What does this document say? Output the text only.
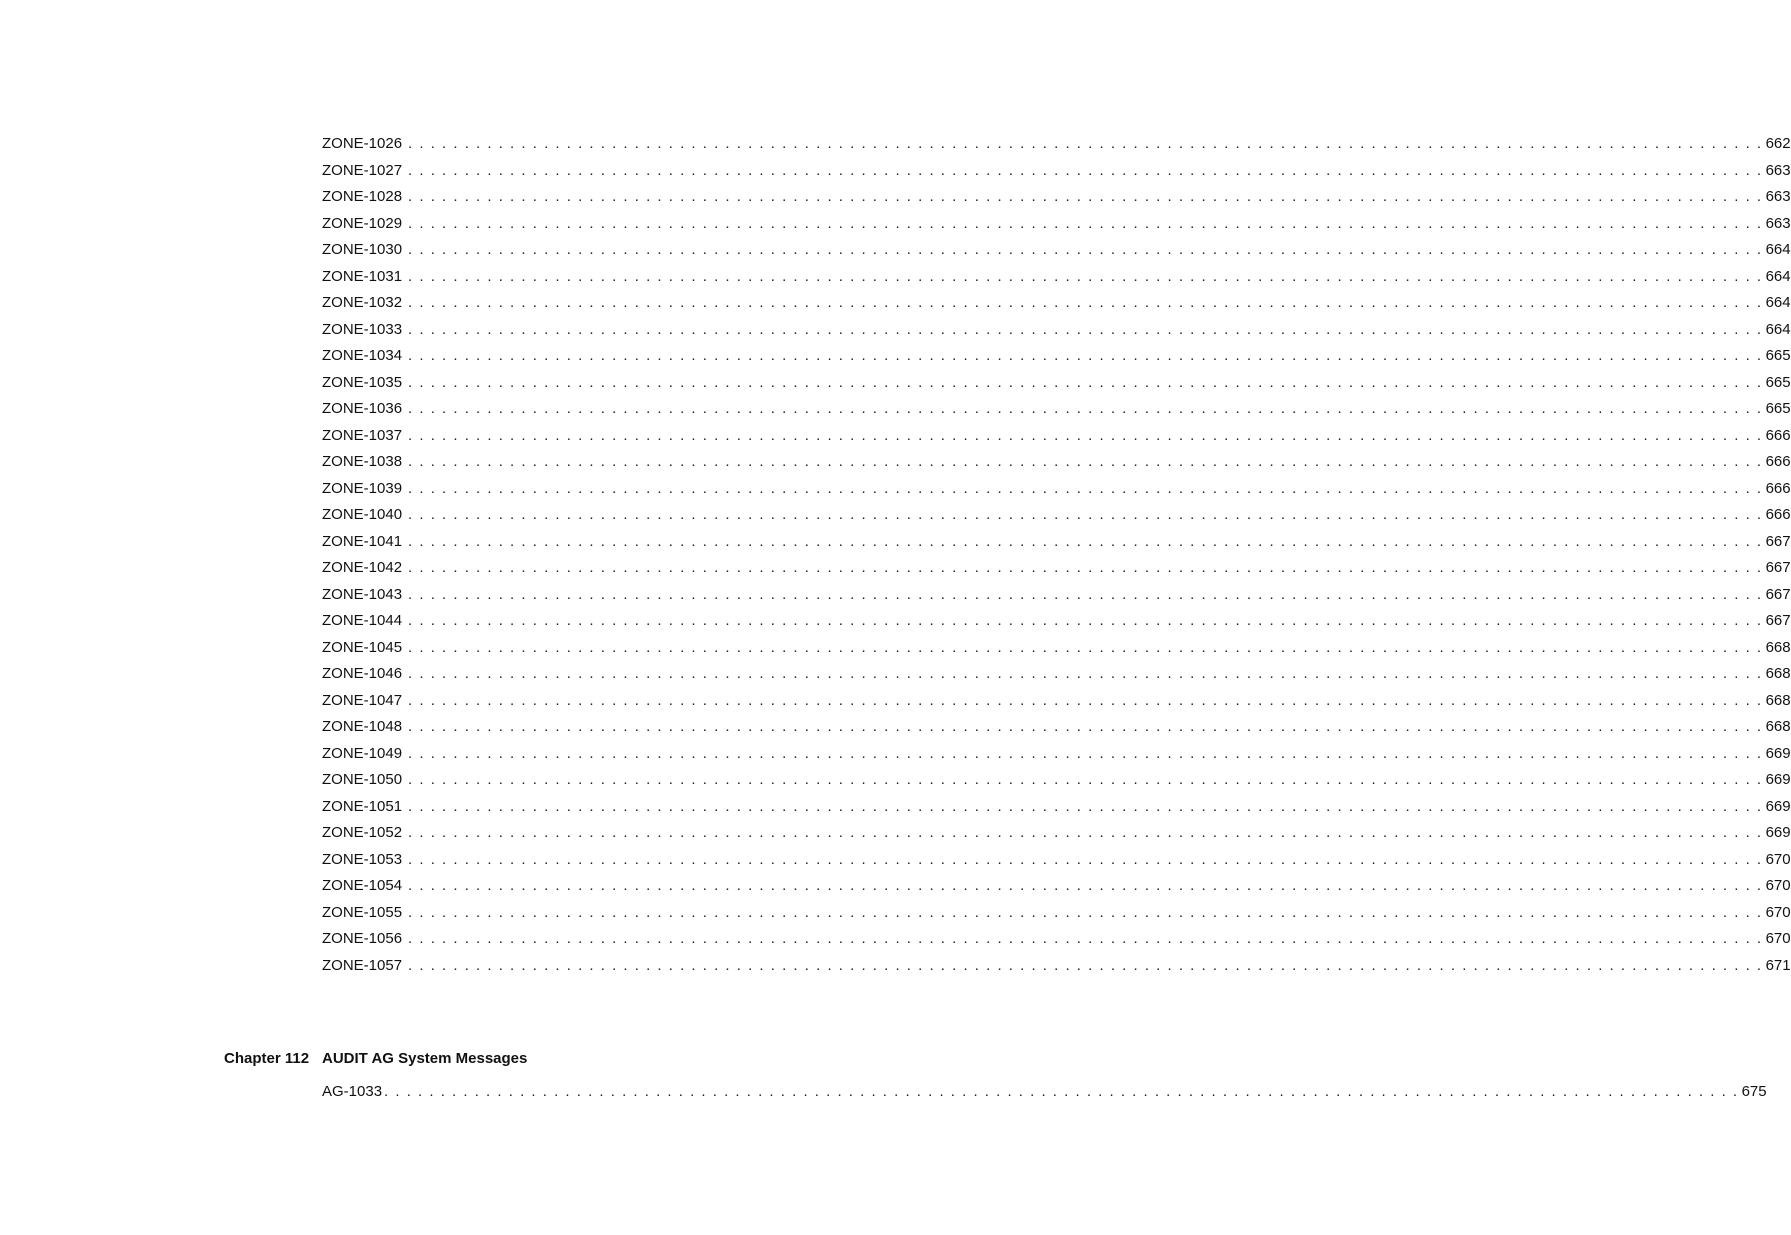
ZONE-1026 . . . . . . . . . . . . . . . . . . . . . . . . . . . . . . . . . . . . . . . . . . . . . . . . . . . . . . . . . . . . . . . . . . . . . . . . . . . . . . . . . . . . . . . . . . . . . . . . . . . . . . . . . . . . . . . . . . . . . . . . 662
ZONE-1027 . . . . . . . . . . . . . . . . . . . . . . . . . . . . . . . . . . . . . . . . . . . . . . . . . . . . . . . . . . . . . . . . . . . . . . . . . . . . . . . . . . . . . . . . . . . . . . . . . . . . . . . . . . . . . . . . . . . . . . . . 663
ZONE-1028 . . . . . . . . . . . . . . . . . . . . . . . . . . . . . . . . . . . . . . . . . . . . . . . . . . . . . . . . . . . . . . . . . . . . . . . . . . . . . . . . . . . . . . . . . . . . . . . . . . . . . . . . . . . . . . . . . . . . . . . . 663
ZONE-1029 . . . . . . . . . . . . . . . . . . . . . . . . . . . . . . . . . . . . . . . . . . . . . . . . . . . . . . . . . . . . . . . . . . . . . . . . . . . . . . . . . . . . . . . . . . . . . . . . . . . . . . . . . . . . . . . . . . . . . . . . 663
ZONE-1030 . . . . . . . . . . . . . . . . . . . . . . . . . . . . . . . . . . . . . . . . . . . . . . . . . . . . . . . . . . . . . . . . . . . . . . . . . . . . . . . . . . . . . . . . . . . . . . . . . . . . . . . . . . . . . . . . . . . . . . . . 664
ZONE-1031 . . . . . . . . . . . . . . . . . . . . . . . . . . . . . . . . . . . . . . . . . . . . . . . . . . . . . . . . . . . . . . . . . . . . . . . . . . . . . . . . . . . . . . . . . . . . . . . . . . . . . . . . . . . . . . . . . . . . . . . . 664
ZONE-1032 . . . . . . . . . . . . . . . . . . . . . . . . . . . . . . . . . . . . . . . . . . . . . . . . . . . . . . . . . . . . . . . . . . . . . . . . . . . . . . . . . . . . . . . . . . . . . . . . . . . . . . . . . . . . . . . . . . . . . . . . 664
ZONE-1033 . . . . . . . . . . . . . . . . . . . . . . . . . . . . . . . . . . . . . . . . . . . . . . . . . . . . . . . . . . . . . . . . . . . . . . . . . . . . . . . . . . . . . . . . . . . . . . . . . . . . . . . . . . . . . . . . . . . . . . . . 664
ZONE-1034 . . . . . . . . . . . . . . . . . . . . . . . . . . . . . . . . . . . . . . . . . . . . . . . . . . . . . . . . . . . . . . . . . . . . . . . . . . . . . . . . . . . . . . . . . . . . . . . . . . . . . . . . . . . . . . . . . . . . . . . . 665
ZONE-1035 . . . . . . . . . . . . . . . . . . . . . . . . . . . . . . . . . . . . . . . . . . . . . . . . . . . . . . . . . . . . . . . . . . . . . . . . . . . . . . . . . . . . . . . . . . . . . . . . . . . . . . . . . . . . . . . . . . . . . . . . 665
ZONE-1036 . . . . . . . . . . . . . . . . . . . . . . . . . . . . . . . . . . . . . . . . . . . . . . . . . . . . . . . . . . . . . . . . . . . . . . . . . . . . . . . . . . . . . . . . . . . . . . . . . . . . . . . . . . . . . . . . . . . . . . . . 665
ZONE-1037 . . . . . . . . . . . . . . . . . . . . . . . . . . . . . . . . . . . . . . . . . . . . . . . . . . . . . . . . . . . . . . . . . . . . . . . . . . . . . . . . . . . . . . . . . . . . . . . . . . . . . . . . . . . . . . . . . . . . . . . . 666
ZONE-1038 . . . . . . . . . . . . . . . . . . . . . . . . . . . . . . . . . . . . . . . . . . . . . . . . . . . . . . . . . . . . . . . . . . . . . . . . . . . . . . . . . . . . . . . . . . . . . . . . . . . . . . . . . . . . . . . . . . . . . . . . 666
ZONE-1039 . . . . . . . . . . . . . . . . . . . . . . . . . . . . . . . . . . . . . . . . . . . . . . . . . . . . . . . . . . . . . . . . . . . . . . . . . . . . . . . . . . . . . . . . . . . . . . . . . . . . . . . . . . . . . . . . . . . . . . . . 666
ZONE-1040 . . . . . . . . . . . . . . . . . . . . . . . . . . . . . . . . . . . . . . . . . . . . . . . . . . . . . . . . . . . . . . . . . . . . . . . . . . . . . . . . . . . . . . . . . . . . . . . . . . . . . . . . . . . . . . . . . . . . . . . . 666
ZONE-1041 . . . . . . . . . . . . . . . . . . . . . . . . . . . . . . . . . . . . . . . . . . . . . . . . . . . . . . . . . . . . . . . . . . . . . . . . . . . . . . . . . . . . . . . . . . . . . . . . . . . . . . . . . . . . . . . . . . . . . . . . 667
ZONE-1042 . . . . . . . . . . . . . . . . . . . . . . . . . . . . . . . . . . . . . . . . . . . . . . . . . . . . . . . . . . . . . . . . . . . . . . . . . . . . . . . . . . . . . . . . . . . . . . . . . . . . . . . . . . . . . . . . . . . . . . . . 667
ZONE-1043 . . . . . . . . . . . . . . . . . . . . . . . . . . . . . . . . . . . . . . . . . . . . . . . . . . . . . . . . . . . . . . . . . . . . . . . . . . . . . . . . . . . . . . . . . . . . . . . . . . . . . . . . . . . . . . . . . . . . . . . . 667
ZONE-1044 . . . . . . . . . . . . . . . . . . . . . . . . . . . . . . . . . . . . . . . . . . . . . . . . . . . . . . . . . . . . . . . . . . . . . . . . . . . . . . . . . . . . . . . . . . . . . . . . . . . . . . . . . . . . . . . . . . . . . . . . 667
ZONE-1045 . . . . . . . . . . . . . . . . . . . . . . . . . . . . . . . . . . . . . . . . . . . . . . . . . . . . . . . . . . . . . . . . . . . . . . . . . . . . . . . . . . . . . . . . . . . . . . . . . . . . . . . . . . . . . . . . . . . . . . . . 668
ZONE-1046 . . . . . . . . . . . . . . . . . . . . . . . . . . . . . . . . . . . . . . . . . . . . . . . . . . . . . . . . . . . . . . . . . . . . . . . . . . . . . . . . . . . . . . . . . . . . . . . . . . . . . . . . . . . . . . . . . . . . . . . . 668
ZONE-1047 . . . . . . . . . . . . . . . . . . . . . . . . . . . . . . . . . . . . . . . . . . . . . . . . . . . . . . . . . . . . . . . . . . . . . . . . . . . . . . . . . . . . . . . . . . . . . . . . . . . . . . . . . . . . . . . . . . . . . . . . 668
ZONE-1048 . . . . . . . . . . . . . . . . . . . . . . . . . . . . . . . . . . . . . . . . . . . . . . . . . . . . . . . . . . . . . . . . . . . . . . . . . . . . . . . . . . . . . . . . . . . . . . . . . . . . . . . . . . . . . . . . . . . . . . . . 668
ZONE-1049 . . . . . . . . . . . . . . . . . . . . . . . . . . . . . . . . . . . . . . . . . . . . . . . . . . . . . . . . . . . . . . . . . . . . . . . . . . . . . . . . . . . . . . . . . . . . . . . . . . . . . . . . . . . . . . . . . . . . . . . . 669
ZONE-1050 . . . . . . . . . . . . . . . . . . . . . . . . . . . . . . . . . . . . . . . . . . . . . . . . . . . . . . . . . . . . . . . . . . . . . . . . . . . . . . . . . . . . . . . . . . . . . . . . . . . . . . . . . . . . . . . . . . . . . . . . 669
ZONE-1051 . . . . . . . . . . . . . . . . . . . . . . . . . . . . . . . . . . . . . . . . . . . . . . . . . . . . . . . . . . . . . . . . . . . . . . . . . . . . . . . . . . . . . . . . . . . . . . . . . . . . . . . . . . . . . . . . . . . . . . . . 669
ZONE-1052 . . . . . . . . . . . . . . . . . . . . . . . . . . . . . . . . . . . . . . . . . . . . . . . . . . . . . . . . . . . . . . . . . . . . . . . . . . . . . . . . . . . . . . . . . . . . . . . . . . . . . . . . . . . . . . . . . . . . . . . . 669
ZONE-1053 . . . . . . . . . . . . . . . . . . . . . . . . . . . . . . . . . . . . . . . . . . . . . . . . . . . . . . . . . . . . . . . . . . . . . . . . . . . . . . . . . . . . . . . . . . . . . . . . . . . . . . . . . . . . . . . . . . . . . . . . 670
ZONE-1054 . . . . . . . . . . . . . . . . . . . . . . . . . . . . . . . . . . . . . . . . . . . . . . . . . . . . . . . . . . . . . . . . . . . . . . . . . . . . . . . . . . . . . . . . . . . . . . . . . . . . . . . . . . . . . . . . . . . . . . . . 670
ZONE-1055 . . . . . . . . . . . . . . . . . . . . . . . . . . . . . . . . . . . . . . . . . . . . . . . . . . . . . . . . . . . . . . . . . . . . . . . . . . . . . . . . . . . . . . . . . . . . . . . . . . . . . . . . . . . . . . . . . . . . . . . . 670
ZONE-1056 . . . . . . . . . . . . . . . . . . . . . . . . . . . . . . . . . . . . . . . . . . . . . . . . . . . . . . . . . . . . . . . . . . . . . . . . . . . . . . . . . . . . . . . . . . . . . . . . . . . . . . . . . . . . . . . . . . . . . . . . 670
ZONE-1057 . . . . . . . . . . . . . . . . . . . . . . . . . . . . . . . . . . . . . . . . . . . . . . . . . . . . . . . . . . . . . . . . . . . . . . . . . . . . . . . . . . . . . . . . . . . . . . . . . . . . . . . . . . . . . . . . . . . . . . . . 671
Chapter 112 AUDIT AG System Messages
AG-1033 . . . . . . . . . . . . . . . . . . . . . . . . . . . . . . . . . . . . . . . . . . . . . . . . . . . . . . . . . . . . . . . . . . . . . . . . . . . . . . . . . . . . . . . . . . . . . . . . . . . . . . . . . . . . . . . . . . . . . . . . 675
